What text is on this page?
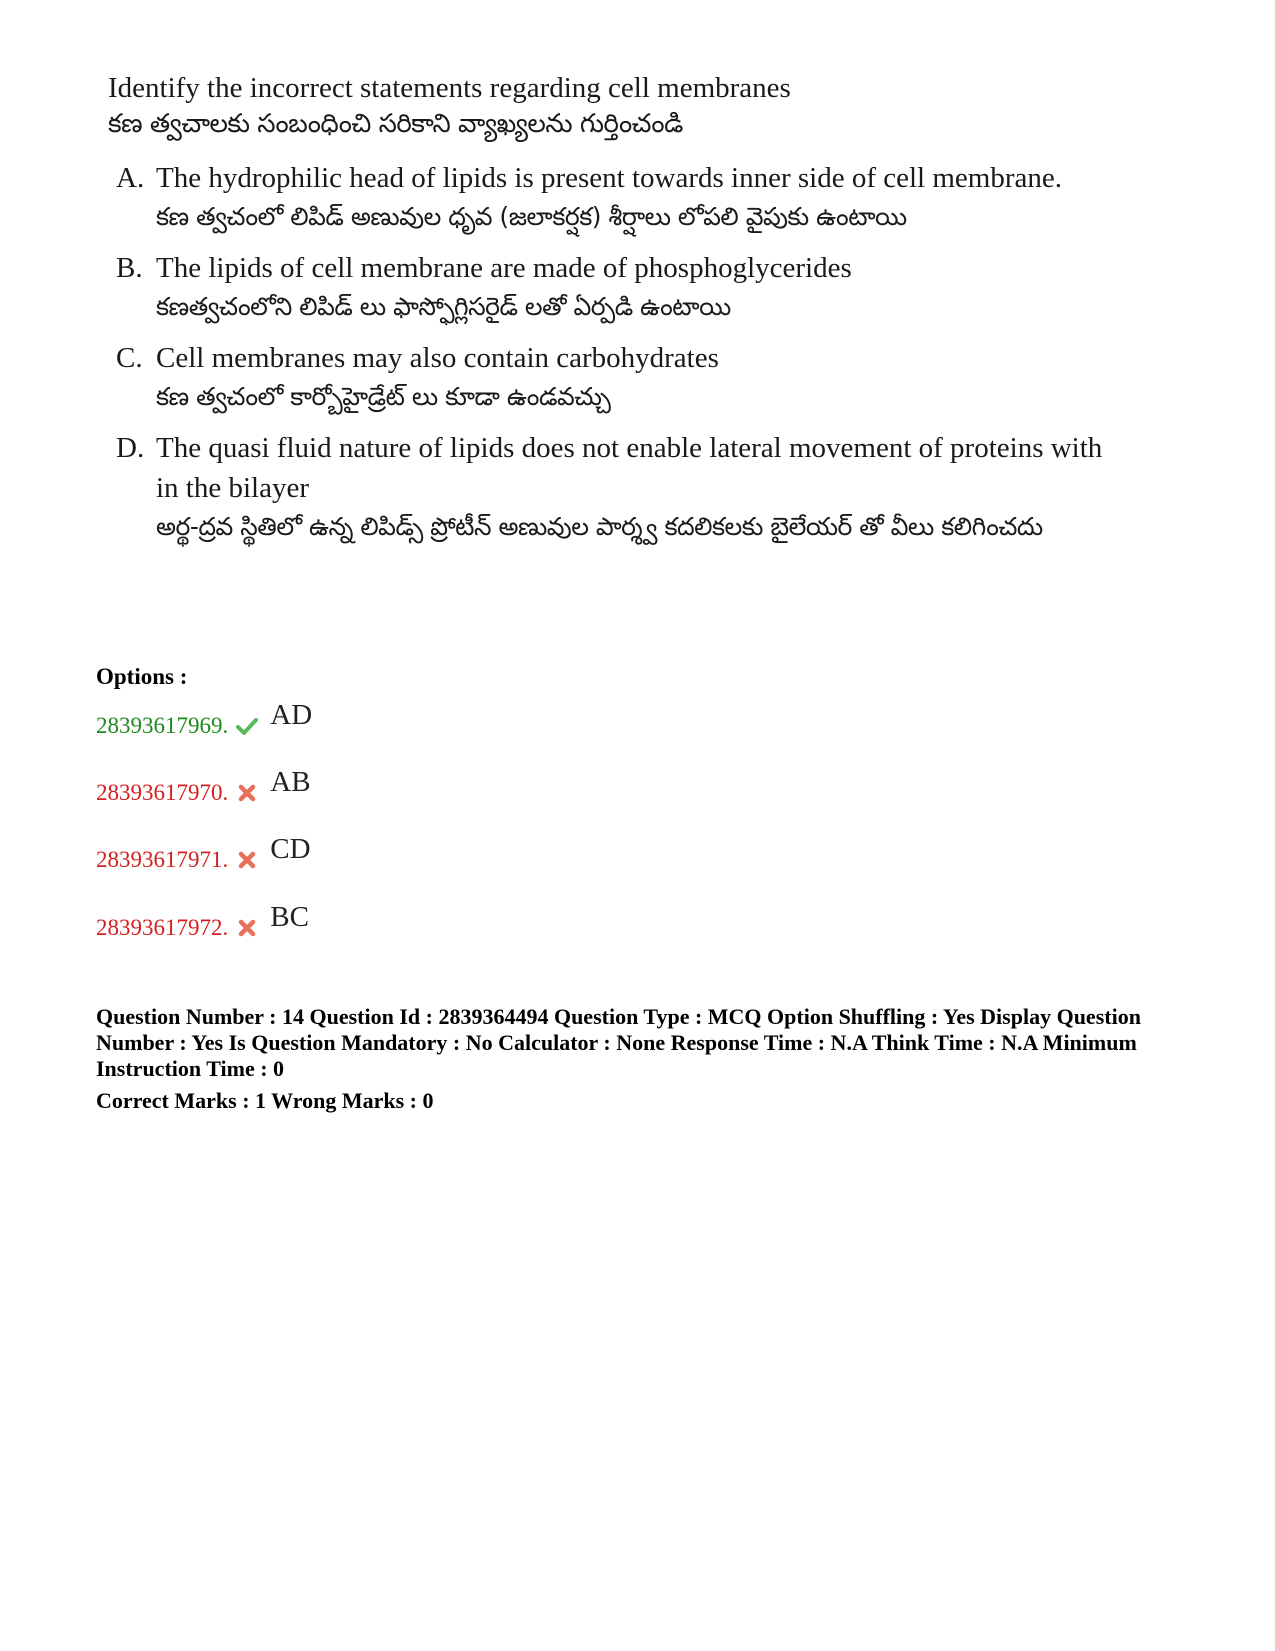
Identify the incorrect statements regarding cell membranes

కణ త్వచాలకు సంబంధించి సరికాని వ్యాఖ్యలను గుర్తించండి

A. The hydrophilic head of lipids is present towards inner side of cell membrane.
కణ త్వచంలో లిపిడ్ అణువుల ధృవ (జలాకర్షక) శీర్షాలు లోపలి వైపుకు ఉంటాయి
B. The lipids of cell membrane are made of phosphoglycerides
కణత్వచంలోని లిపిడ్ లు ఫాస్ఫోగ్లిసరైడ్ లతో ఏర్పడి ఉంటాయి
C. Cell membranes may also contain carbohydrates
కణ త్వచంలో కార్బోహైడ్రేట్ లు కూడా ఉండవచ్చు
D. The quasi fluid nature of lipids does not enable lateral movement of proteins with in the bilayer
అర్థ-ద్రవ స్థితిలో ఉన్న లిపిడ్స్ ప్రోటీన్ అణువుల పార్శ్వ కదలికలకు బైలేయర్ తో వీలు కలిగించదు
Options :
28393617969. AD
28393617970. AB
28393617971. CD
28393617972. BC
Question Number : 14 Question Id : 2839364494 Question Type : MCQ Option Shuffling : Yes Display Question Number : Yes Is Question Mandatory : No Calculator : None Response Time : N.A Think Time : N.A Minimum Instruction Time : 0
Correct Marks : 1 Wrong Marks : 0
